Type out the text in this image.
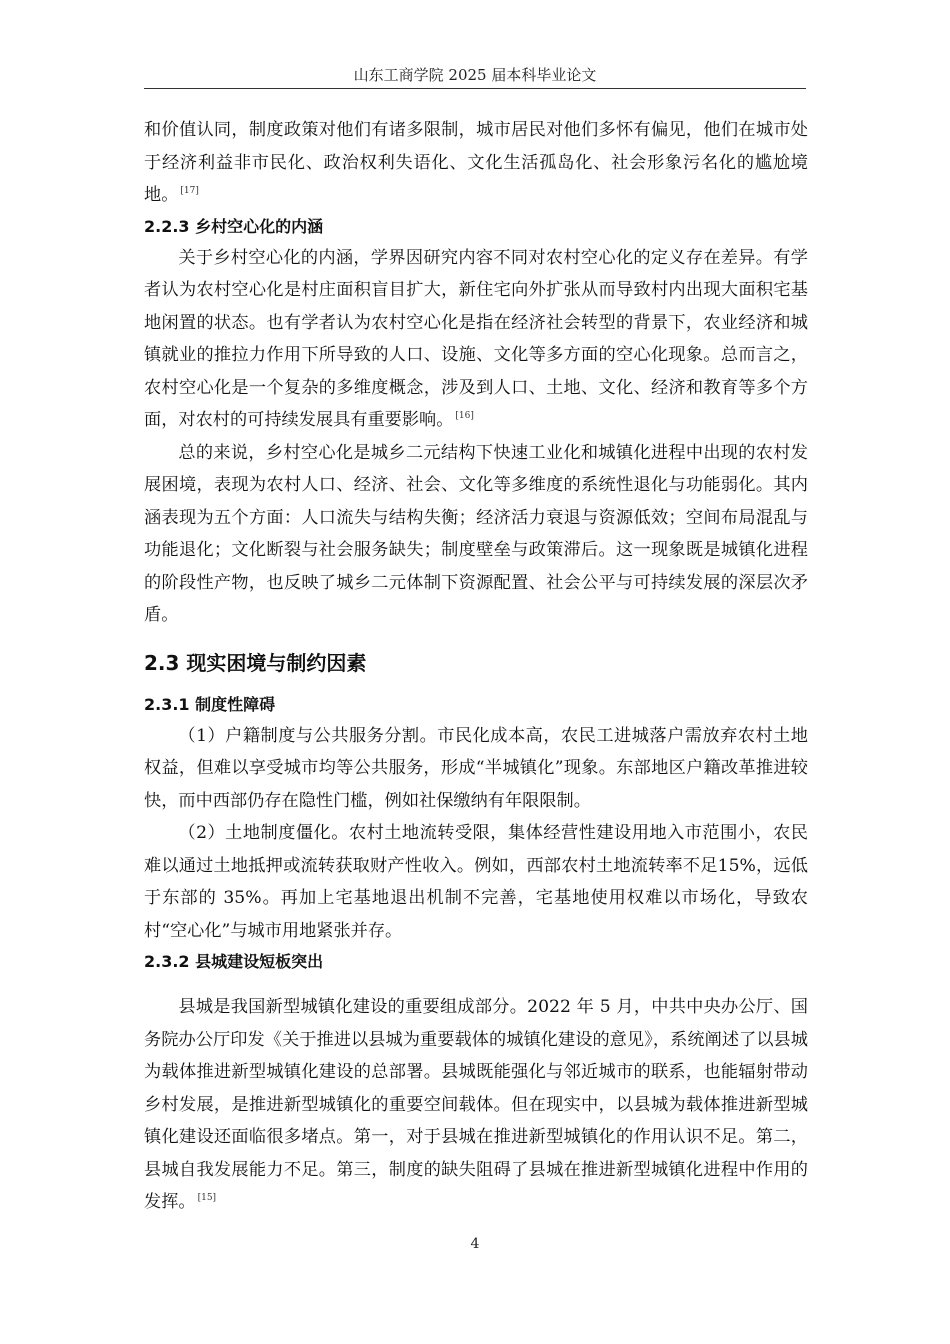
山东工商学院 2025 届本科毕业论文

和价值认同，制度政策对他们有诸多限制，城市居民对他们多怀有偏见，他们在城市处于经济利益非市民化、政治权利失语化、文化生活孤岛化、社会形象污名化的尴尬境地。 [17]

2.2.3 乡村空心化的内涵

关于乡村空心化的内涵，学界因研究内容不同对农村空心化的定义存在差异。有学者认为农村空心化是村庄面积盲目扩大，新住宅向外扩张从而导致村内出现大面积宅基地闲置的状态。也有学者认为农村空心化是指在经济社会转型的背景下，农业经济和城镇就业的推拉力作用下所导致的人口、设施、文化等多方面的空心化现象。总而言之，农村空心化是一个复杂的多维度概念，涉及到人口、土地、文化、经济和教育等多个方面，对农村的可持续发展具有重要影响。 [16]

总的来说，乡村空心化是城乡二元结构下快速工业化和城镇化进程中出现的农村发展困境，表现为农村人口、经济、社会、文化等多维度的系统性退化与功能弱化。其内涵表现为五个方面：人口流失与结构失衡；经济活力衰退与资源低效；空间布局混乱与功能退化；文化断裂与社会服务缺失；制度壁垒与政策滞后。这一现象既是城镇化进程的阶段性产物，也反映了城乡二元体制下资源配置、社会公平与可持续发展的深层次矛盾。

2.3 现实困境与制约因素
2.3.1 制度性障碍

（1）户籍制度与公共服务分割。市民化成本高，农民工进城落户需放弃农村土地权益，但难以享受城市均等公共服务，形成“半城镇化”现象。东部地区户籍改革推进较快，而中西部仍存在隐性门槛，例如社保缴纳有年限限制。

（2）土地制度僵化。农村土地流转受限，集体经营性建设用地入市范围小，农民难以通过土地抵押或流转获取财产性收入。例如，西部农村土地流转率不足15%，远低于东部的 35%。再加上宅基地退出机制不完善，宅基地使用权难以市场化，导致农村“空心化”与城市用地紧张并存。

2.3.2 县城建设短板突出

县城是我国新型城镇化建设的重要组成部分。2022 年 5 月，中共中央办公厅、国务院办公厅印发《关于推进以县城为重要载体的城镇化建设的意见》，系统阐述了以县城为载体推进新型城镇化建设的总部署。县城既能强化与邻近城市的联系，也能辐射带动乡村发展，是推进新型城镇化的重要空间载体。但在现实中，以县城为载体推进新型城镇化建设还面临很多堵点。第一，对于县城在推进新型城镇化的作用认识不足。第二，县城自我发展能力不足。第三，制度的缺失阻碍了县城在推进新型城镇化进程中作用的发挥。 [15]

4
